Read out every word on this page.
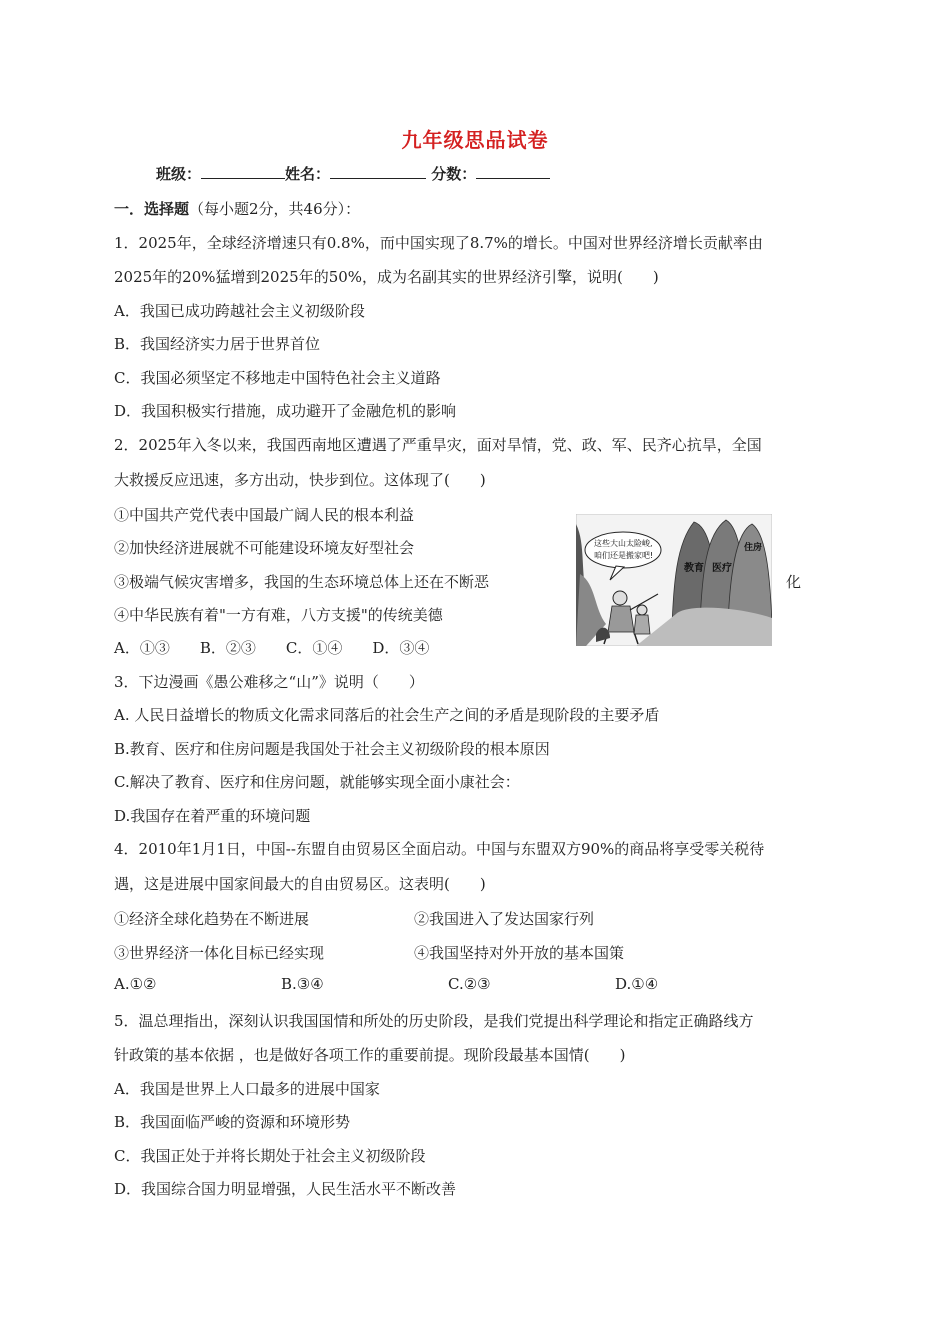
九年级思品试卷
班级：	姓名：	分数：
一．选择题（每小题2分，共46分）：
1．2025年，全球经济增速只有0.8%，而中国实现了8.7%的增长。中国对世界经济增长贡献率由
2025年的20%猛增到2025年的50%，成为名副其实的世界经济引擎，说明(　　)
A．我国已成功跨越社会主义初级阶段
B．我国经济实力居于世界首位
C．我国必须坚定不移地走中国特色社会主义道路
D．我国积极实行措施，成功避开了金融危机的影响
2．2025年入冬以来，我国西南地区遭遇了严重旱灾，面对旱情，党、政、军、民齐心抗旱，全国
大救援反应迅速，多方出动，快步到位。这体现了(　　)
①中国共产党代表中国最广阔人民的根本利益
②加快经济进展就不可能建设环境友好型社会
③极端气候灾害增多，我国的生态环境总体上还在不断恶	化
④中华民族有着"一方有难，八方支援"的传统美德
A．①③　　B．②③　　C．①④　　D．③④
教育 医疗
住房
这些大山太险峻,
咱们还是搬家吧!
3．下边漫画《愚公难移之“山”》说明（　　）
A. 人民日益增长的物质文化需求同落后的社会生产之间的矛盾是现阶段的主要矛盾
B.教育、医疗和住房问题是我国处于社会主义初级阶段的根本原因
C.解决了教育、医疗和住房问题，就能够实现全面小康社会：
D.我国存在着严重的环境问题
4．2010年1月1日，中国--东盟自由贸易区全面启动。中国与东盟双方90%的商品将享受零关税待
遇，这是进展中国家间最大的自由贸易区。这表明(　　)
①经济全球化趋势在不断进展	②我国进入了发达国家行列
③世界经济一体化目标已经实现	④我国坚持对外开放的基本国策
A.①②	B.③④	C.②③	D.①④
5．温总理指出，深刻认识我国国情和所处的历史阶段，是我们党提出科学理论和指定正确路线方
针政策的基本依据 ，也是做好各项工作的重要前提。现阶段最基本国情(　　)
A．我国是世界上人口最多的进展中国家
B．我国面临严峻的资源和环境形势
C．我国正处于并将长期处于社会主义初级阶段
D．我国综合国力明显增强，人民生活水平不断改善
